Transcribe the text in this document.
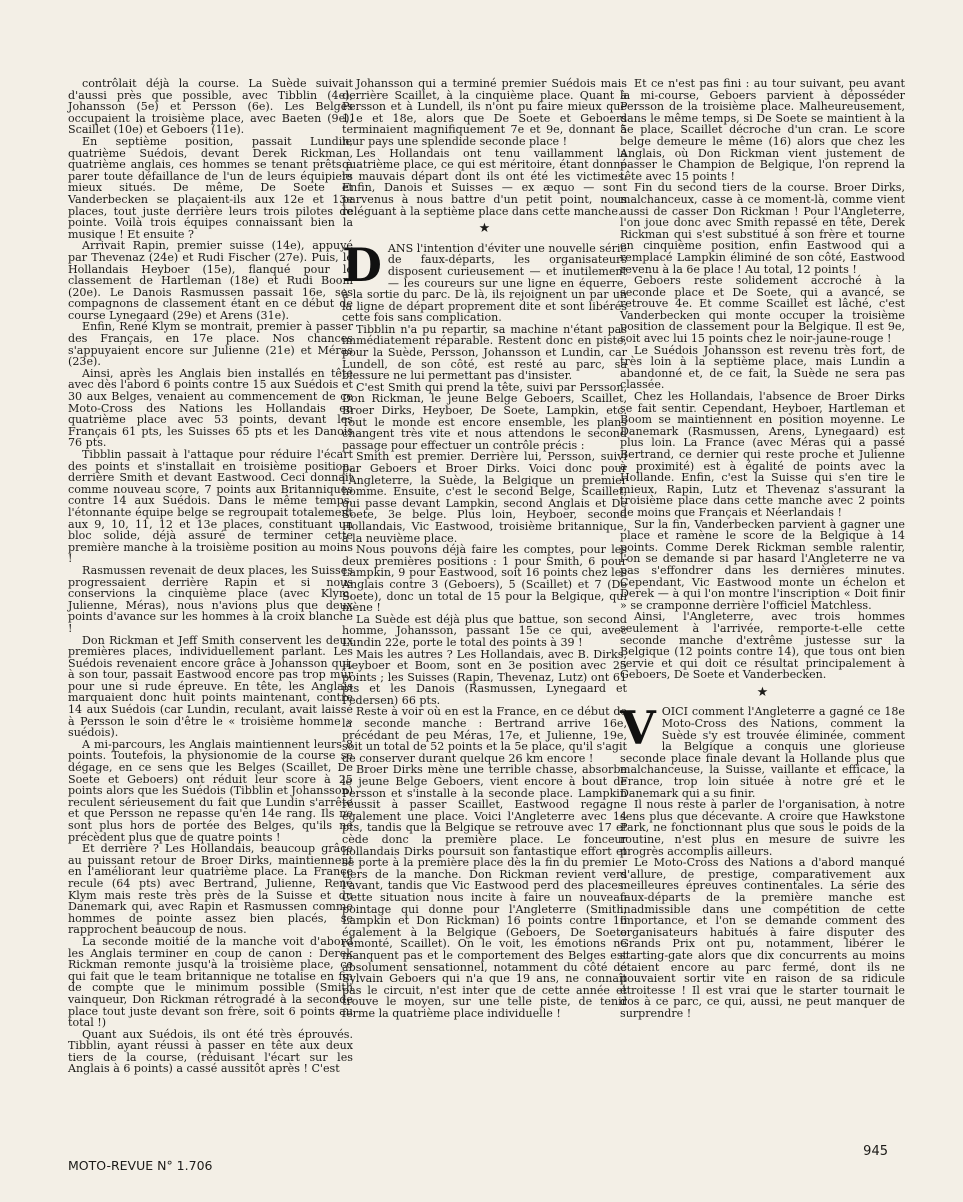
contrôlait déjà la course. La Suède suivait d'aussi près que possible, avec Tibblin (4e), Johansson (5e) et Persson (6e). Les Belges occupaient la troisième place, avec Baeten (9e), Scaillet (10e) et Geboers (11e).

En septième position, passait Lundin, quatrième Suédois, devant Derek Rickman, quatrième anglais, ces hommes se tenant prêts à parer toute défaillance de l'un de leurs équipiers mieux situés. De même, De Soete et Vanderbecken se plaçaient-ils aux 12e et 13e places, tout juste derrière leurs trois pilotes de pointe. Voilà trois équipes connaissant bien la musique ! Et ensuite ?

Arrivait Rapin, premier suisse (14e), appuyé par Thevenaz (24e) et Rudi Fischer (27e). Puis, le Hollandais Heyboer (15e), flanqué pour le classement de Hartleman (18e) et Rudi Boom (20e). Le Danois Rasmussen passait 16e, ses compagnons de classement étant en ce début de course Lynegaard (29e) et Arens (31e).

Enfin, René Klym se montrait, premier à passer des Français, en 17e place. Nos chances s'appuyaient encore sur Julienne (21e) et Méras (23e).

Ainsi, après les Anglais bien installés en tête avec dès l'abord 6 points contre 15 aux Suédois et 30 aux Belges, venaient au commencement de ce Moto-Cross des Nations les Hollandais en quatrième place avec 53 points, devant les Français 61 pts, les Suisses 65 pts et les Danois 76 pts.

Tibblin passait à l'attaque pour réduire l'écart des points et s'installait en troisième position, derrière Smith et devant Eastwood. Ceci donnait comme nouveau score, 7 points aux Britanniques contre 14 aux Suédois. Dans le même temps, l'étonnante équipe belge se regroupait totalement aux 9, 10, 11, 12 et 13e places, constituant un bloc solide, déjà assuré de terminer cette première manche à la troisième position au moins !

Rasmussen revenait de deux places, les Suisses progressaient derrière Rapin et si nous conservions la cinquième place (avec Klym, Julienne, Méras), nous n'avions plus que deux points d'avance sur les hommes à la croix blanche !

Don Rickman et Jeff Smith conservent les deux premières places, individuellement parlant. Les Suédois revenaient encore grâce à Johansson qui, à son tour, passait Eastwood encore pas trop mûr pour une si rude épreuve. En tête, les Anglais marquaient donc huit points maintenant, contre 14 aux Suédois (car Lundin, reculant, avait laissé à Persson le soin d'être le « troisième homme » suédois).

A mi-parcours, les Anglais maintiennent leurs 8 points. Toutefois, la physionomie de la course se dégage, en ce sens que les Belges (Scaillet, De Soete et Geboers) ont réduit leur score à 25 points alors que les Suédois (Tibblin et Johansson) reculent sérieusement du fait que Lundin s'arrête et que Persson ne repasse qu'en 14e rang. Ils ne sont plus hors de portée des Belges, qu'ils ne précèdent plus que de quatre points !

Et derrière ? Les Hollandais, beaucoup grâce au puissant retour de Broer Dirks, maintiennent en l'améliorant leur quatrième place. La France recule (64 pts) avec Bertrand, Julienne, René Klym mais reste très près de la Suisse et du Danemark qui, avec Rapin et Rasmussen comme hommes de pointe assez bien placés, se rapprochent beaucoup de nous.

La seconde moitié de la manche voit d'abord les Anglais terminer en coup de canon : Derek Rickman remonte jusqu'à la troisième place, ce qui fait que le team britannique ne totalise en fin de compte que le minimum possible (Smith vainqueur, Don Rickman rétrogradé à la seconde place tout juste devant son frère, soit 6 points au total !)

Quant aux Suédois, ils ont été très éprouvés. Tibblin, ayant réussi à passer en tête aux deux tiers de la course, (réduisant l'écart sur les Anglais à 6 points) a cassé aussitôt après ! C'est

Johansson qui a terminé premier Suédois mais derrière Scaillet, à la cinquième place. Quant à Persson et à Lundell, ils n'ont pu faire mieux que 11e et 18e, alors que De Soete et Geboers terminaient magnifiquement 7e et 9e, donnant à leur pays une splendide seconde place !

Les Hollandais ont tenu vaillamment la quatrième place, ce qui est méritoire, étant donné le mauvais départ dont ils ont été les victimes. Enfin, Danois et Suisses — ex æquo — sont parvenus à nous battre d'un petit point, nous reléguant à la septième place dans cette manche.

★

DANS l'intention d'éviter une nouvelle série de faux-départs, les organisateurs disposent curieusement — et inutilement — les coureurs sur une ligne en équerre, à la sortie du parc. De là, ils rejoignent un par un la ligne de départ proprement dite et sont libérés cette fois sans complication.

Tibblin n'a pu repartir, sa machine n'étant pas immédiatement réparable. Restent donc en piste, pour la Suède, Persson, Johansson et Lundin, car Lundell, de son côté, est resté au parc, sa blessure ne lui permettant pas d'insister.

C'est Smith qui prend la tête, suivi par Persson, Don Rickman, le jeune Belge Geboers, Scaillet, Broer Dirks, Heyboer, De Soete, Lampkin, etc. Tout le monde est encore ensemble, les plans changent très vite et nous attendons le second passage pour effectuer un contrôle précis :

Smith est premier. Derrière lui, Persson, suivi par Geboers et Broer Dirks. Voici donc pour l'Angleterre, la Suède, la Belgique un premier homme. Ensuite, c'est le second Belge, Scaillet, qui passe devant Lampkin, second Anglais et De Soete, 3e belge. Plus loin, Heyboer, second Hollandais, Vic Eastwood, troisième britannique, à la neuvième place.

Nous pouvons déjà faire les comptes, pour les deux premières positions : 1 pour Smith, 6 pour Lampkin, 9 pour Eastwood, soit 16 points chez les Anglais contre 3 (Geboers), 5 (Scaillet) et 7 (De Soete), donc un total de 15 pour la Belgique, qui mène !

La Suède est déjà plus que battue, son second homme, Johansson, passant 15e ce qui, avec Lundin 22e, porte le total des points à 39 !

Mais les autres ? Les Hollandais, avec B. Dirks, Heyboer et Boom, sont en 3e position avec 25 points ; les Suisses (Rapin, Thevenaz, Lutz) ont 61 pts et les Danois (Rasmussen, Lynegaard et Pedersen) 66 pts.

Reste à voir où en est la France, en ce début de la seconde manche : Bertrand arrive 16e, précédant de peu Méras, 17e, et Julienne, 19e, soit un total de 52 points et la 5e place, qu'il s'agit de conserver durant quelque 26 km encore !

Broer Dirks mène une terrible chasse, absorbe le jeune Belge Geboers, vient encore à bout de Persson et s'installe à la seconde place. Lampkin réussit à passer Scaillet, Eastwood regagne également une place. Voici l'Angleterre avec 14 pts, tandis que la Belgique se retrouve avec 17 et cède donc la première place. Le fonceur hollandais Dirks poursuit son fantastique effort et se porte à la première place dès la fin du premier tiers de la manche. Don Rickman revient vers l'avant, tandis que Vic Eastwood perd des places. Cette situation nous incite à faire un nouveau pointage qui donne pour l'Angleterre (Smith, Lampkin et Don Rickman) 16 points contre 16 également à la Belgique (Geboers, De Soete remonté, Scaillet). On le voit, les émotions ne manquent pas et le comportement des Belges est absolument sensationnel, notamment du côté de Sylvain Geboers qui n'a que 19 ans, ne connaît pas le circuit, n'est inter que de cette année et trouve le moyen, sur une telle piste, de tenir ferme la quatrième place individuelle !

Et ce n'est pas fini : au tour suivant, peu avant la mi-course, Geboers parvient à déposséder Persson de la troisième place. Malheureusement, dans le même temps, si De Soete se maintient à la 5e place, Scaillet décroche d'un cran. Le score belge demeure le même (16) alors que chez les Anglais, où Don Rickman vient justement de passer le Champion de Belgique, l'on reprend la tête avec 15 points !

Fin du second tiers de la course. Broer Dirks, malchanceux, casse à ce moment-là, comme vient aussi de casser Don Rickman ! Pour l'Angleterre, l'on joue donc avec Smith repassé en tête, Derek Rickman qui s'est substitué à son frère et tourne en cinquième position, enfin Eastwood qui a remplacé Lampkin éliminé de son côté, Eastwood revenu à la 6e place ! Au total, 12 points !

Geboers reste solidement accroché à la seconde place et De Soete, qui a avancé, se retrouve 4e. Et comme Scaillet est lâché, c'est Vanderbecken qui monte occuper la troisième position de classement pour la Belgique. Il est 9e, soit avec lui 15 points chez le noir-jaune-rouge !

Le Suédois Johansson est revenu très fort, de très loin à la septième place, mais Lundin a abandonné et, de ce fait, la Suède ne sera pas classée.

Chez les Hollandais, l'absence de Broer Dirks se fait sentir. Cependant, Heyboer, Hartleman et Boom se maintiennent en position moyenne. Le Danemark (Rasmussen, Arens, Lynegaard) est plus loin. La France (avec Méras qui a passé Bertrand, ce dernier qui reste proche et Julienne à proximité) est à égalité de points avec la Hollande. Enfin, c'est la Suisse qui s'en tire le mieux, Rapin, Lutz et Thevenaz s'assurant la troisième place dans cette manche avec 2 points de moins que Français et Néerlandais !

Sur la fin, Vanderbecken parvient à gagner une place et ramène le score de la Belgique à 14 points. Comme Derek Rickman semble ralentir, l'on se demande si par hasard l'Angleterre ne va pas s'effondrer dans les dernières minutes. Cependant, Vic Eastwood monte un échelon et Derek — à qui l'on montre l'inscription « Doit finir » se cramponne derrière l'officiel Matchless.

Ainsi, l'Angleterre, avec trois hommes seulement à l'arrivée, remporte-t-elle cette seconde manche d'extrême justesse sur la Belgique (12 points contre 14), que tous ont bien servie et qui doit ce résultat principalement à Geboers, De Soete et Vanderbecken.

★

VOICI comment l'Angleterre a gagné ce 18e Moto-Cross des Nations, comment la Suède s'y est trouvée éliminée, comment la Belgique a conquis une glorieuse seconde place finale devant la Hollande plus que malchanceuse, la Suisse, vaillante et efficace, la France, trop loin située à notre gré et le Danemark qui a su finir.

Il nous reste à parler de l'organisation, à notre sens plus que décevante. A croire que Hawkstone Park, ne fonctionnant plus que sous le poids de la routine, n'est plus en mesure de suivre les progrès accomplis ailleurs.

Le Moto-Cross des Nations a d'abord manqué d'allure, de prestige, comparativement aux meilleures épreuves continentales. La série des faux-départs de la première manche est inadmissible dans une compétition de cette importance, et l'on se demande comment des organisateurs habitués à faire disputer des Grands Prix ont pu, notamment, libérer le starting-gate alors que dix concurrents au moins étaient encore au parc fermé, dont ils ne pouvaient sortir vite en raison de sa ridicule étroitesse ! Il est vrai que le starter tournait le dos à ce parc, ce qui, aussi, ne peut manquer de surprendre !

MOTO-REVUE N° 1.706
945
